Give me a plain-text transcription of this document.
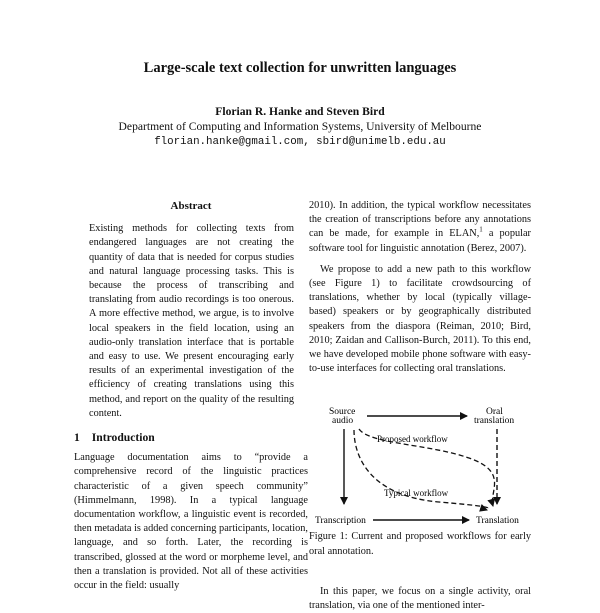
Large-scale text collection for unwritten languages
Florian R. Hanke and Steven Bird
Department of Computing and Information Systems, University of Melbourne
florian.hanke@gmail.com, sbird@unimelb.edu.au
Abstract

Existing methods for collecting texts from endangered languages are not creating the quantity of data that is needed for corpus studies and natural language processing tasks. This is because the process of transcribing and translating from audio recordings is too onerous. A more effective method, we argue, is to involve local speakers in the field location, using an audio-only translation interface that is portable and easy to use. We present encouraging early results of an experimental investigation of the efficiency of creating translations using this method, and report on the quality of the resulting content.

1 Introduction

Language documentation aims to “provide a comprehensive record of the linguistic practices characteristic of a given speech community” (Himmelmann, 1998). In a typical language documentation workflow, a linguistic event is recorded, then metadata is added concerning participants, location, language, and so forth. Later, the recording is transcribed, glossed at the word or morpheme level, and then a translation is provided. Not all of these activities occur in the field: usually

2010). In addition, the typical workflow necessitates the creation of transcriptions before any annotations can be made, for example in ELAN,$^1$ a popular software tool for linguistic annotation (Berez, 2007).

We propose to add a new path to this workflow (see Figure 1) to facilitate crowdsourcing of translations, whether by local (typically village-based) speakers or by geographically distributed speakers from the diaspora (Reiman, 2010; Bird, 2010; Zaidan and Callison-Burch, 2011). To this end, we have developed mobile phone software with easy-to-use interfaces for collecting oral translations.

Source
audio
Oral
translation
Transcription	Translation
Proposed workflow
Typical workflow

Figure 1: Current and proposed workflows for early oral annotation.

In this paper, we focus on a single activity, oral translation, via one of the mentioned inter-
